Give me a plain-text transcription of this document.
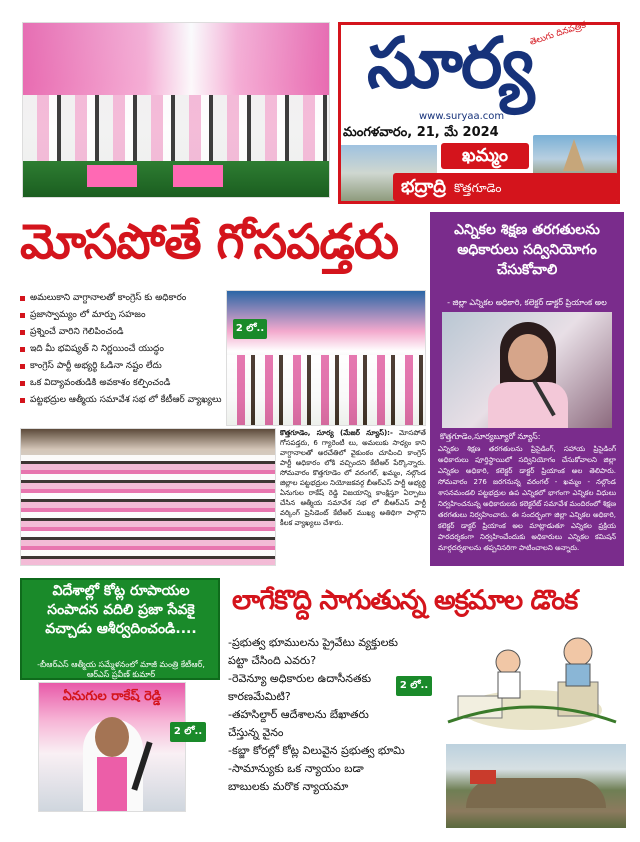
సూర్య
తెలుగు దినపత్రిక
www.suryaa.com
మంగళవారం, 21, మే 2024
ఖమ్మం
భద్రాద్రి కొత్తగూడెం
మోసపోతే గోసపడ్తరు	ఎన్నికల శిక్షణ తరగతులను అధికారులు సద్వినియోగం చేసుకోవాలి
- జిల్లా ఎన్నికల అధికారి, కలెక్టర్ డాక్టర్ ప్రియాంక అల
కొత్తగూడెం,సూర్యబ్యూరో న్యూస్:
ఎన్నికల శిక్షణ తరగతులను ప్రిసైడింగ్, సహాయ ప్రిసైడింగ్ అధికారులు పూర్తిస్థాయిలో సద్వినియోగం చేసుకోవాలని జిల్లా ఎన్నికల అధికారి, కలెక్టర్ డాక్టర్ ప్రియాంక అల తెలిపారు. సోమవారం 276 జరగనున్న వరంగల్ - ఖమ్మం - నల్గొండ శాసనమండలి పట్టభద్రుల ఉప ఎన్నికలో భాగంగా ఎన్నికల విధులు నిర్వహించనున్న అధికారులకు కలెక్టరేట్ సమావేశ మందిరంలో శిక్షణ తరగతులు నిర్వహించారు. ఈ సందర్భంగా జిల్లా ఎన్నికల అధికారి, కలెక్టర్ డాక్టర్ ప్రియాంక అల మాట్లాడుతూ ఎన్నికల ప్రక్రియ పారదర్శకంగా నిర్వహించేందుకు అధికారులు ఎన్నికల కమిషన్ మార్గదర్శకాలను తప్పనిసరిగా పాటించాలని అన్నారు.
అమలుకాని వాగ్దానాలతో కాంగ్రెస్ కు అధికారం
ప్రజాస్వామ్యం లో మార్పు సహజం
ప్రశ్నించే వారిని గెలిపించండి
ఇది మీ భవిష్యత్ ని నిర్ణయించే యుద్ధం
కాంగ్రెస్ పార్టీ అభ్యర్థి ఓడినా నష్టం లేదు
ఒక విద్యావంతుడికి అవకాశం కల్పించండి
పట్టభద్రుల ఆత్మీయ సమావేశ సభ లో కేటీఆర్ వ్యాఖ్యలు
2 లో..
కొత్తగూడెం, సూర్య (మేజర్ న్యూస్):- మోసపోతే గోసపడ్తరు, 6 గ్యారెంటీ లు, అమలుకు సాధ్యం కాని వాగ్దానాలతో అరచేతిలో వైకుంఠం చూపించి కాంగ్రెస్ పార్టీ అధికారం లోకి వచ్చిందని కేటీఆర్ పేర్కొన్నారు. సోమవారం కొత్తగూడెం లో వరంగల్, ఖమ్మం, నల్గొండ జిల్లాల పట్టభద్రుల నియోజకవర్గ బీఆర్ఎస్ పార్టీ అభ్యర్థి ఏనుగుల రాకేష్ రెడ్డి విజయాన్ని కాంక్షిస్తూ ఏర్పాటు చేసిన ఆత్మీయ సమావేశ సభ లో బీఆర్ఎస్ పార్టీ వర్కింగ్ ప్రెసిడెంట్ కేటీఆర్ ముఖ్య అతిథిగా పాల్గొని కీలక వ్యాఖ్యలు చేశారు.
విదేశాల్లో కోట్ల రూపాయల సంపాదన వదిలి ప్రజా సేవకై వచ్చాడు ఆశీర్వదించండి....
-బీఆర్ఎస్ ఆత్మీయ సమ్మేళనంలో మాజీ మంత్రి కేటీఆర్, ఆర్ఎస్ ప్రవీణ్ కుమార్
ఏనుగుల రాకేష్ రెడ్డి
2 లో..
లాగేకొద్ది సాగుతున్న అక్రమాల డొంక
-ప్రభుత్వ భూములను ప్రైవేటు వ్యక్తులకు
పట్టా చేసింది ఎవరు?
-రెవెన్యూ అధికారుల ఉదాసీనతకు
కారణమేమిటి?
-తహసిల్దార్ ఆదేశాలను బేఖాతరు
చేస్తున్న వైనం
-కబ్జా కోరల్లో కోట్ల విలువైన ప్రభుత్వ భూమి
-సామాన్యుకు ఒక న్యాయం బడా
బాబులకు మరొక న్యాయమా
2 లో..
